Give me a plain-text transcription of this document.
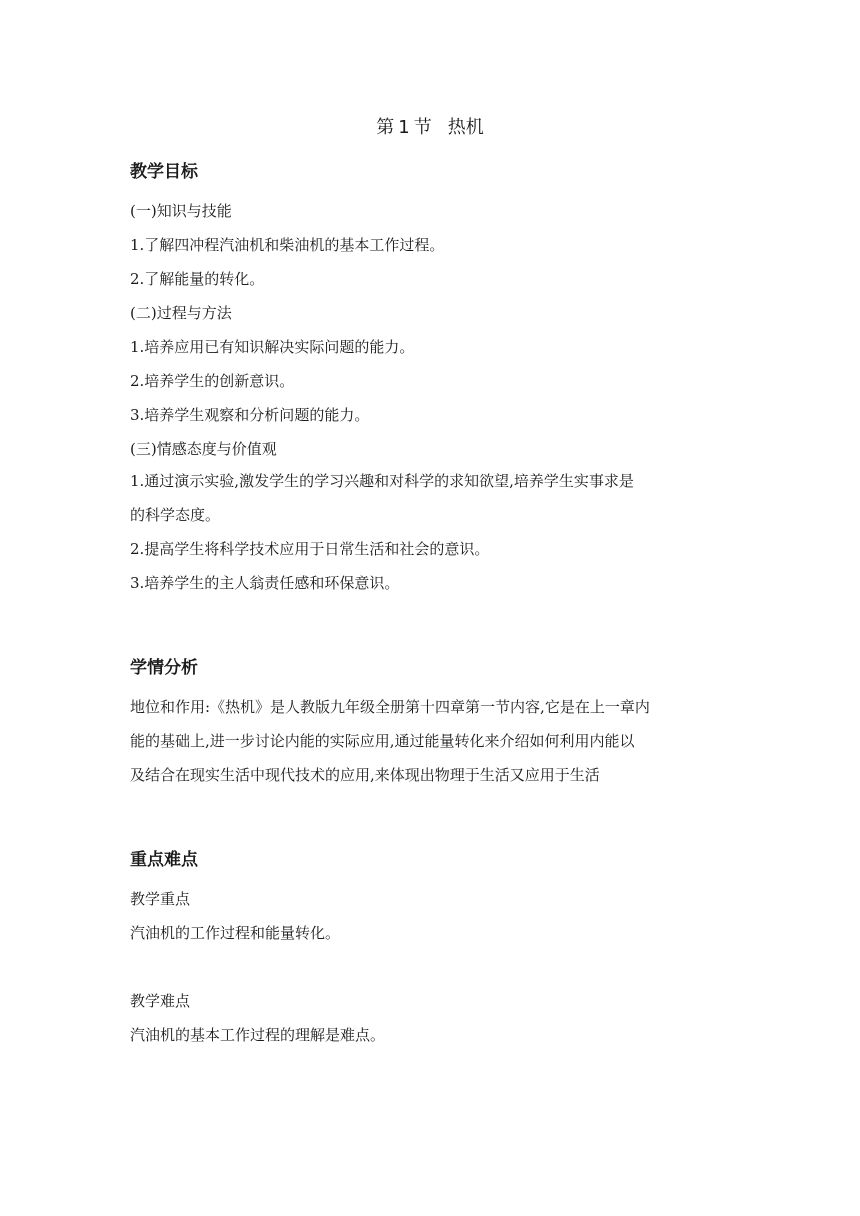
第 1 节 热机
教学目标

(一)知识与技能

1.了解四冲程汽油机和柴油机的基本工作过程。

2.了解能量的转化。

(二)过程与方法

1.培养应用已有知识解决实际问题的能力。

2.培养学生的创新意识。

3.培养学生观察和分析问题的能力。

(三)情感态度与价值观

1.通过演示实验,激发学生的学习兴趣和对科学的求知欲望,培养学生实事求是

的科学态度。

2.提高学生将科学技术应用于日常生活和社会的意识。

3.培养学生的主人翁责任感和环保意识。

学情分析

地位和作用:《热机》是人教版九年级全册第十四章第一节内容,它是在上一章内

能的基础上,进一步讨论内能的实际应用,通过能量转化来介绍如何利用内能以

及结合在现实生活中现代技术的应用,来体现出物理于生活又应用于生活

重点难点

教学重点

汽油机的工作过程和能量转化。

教学难点

汽油机的基本工作过程的理解是难点。
